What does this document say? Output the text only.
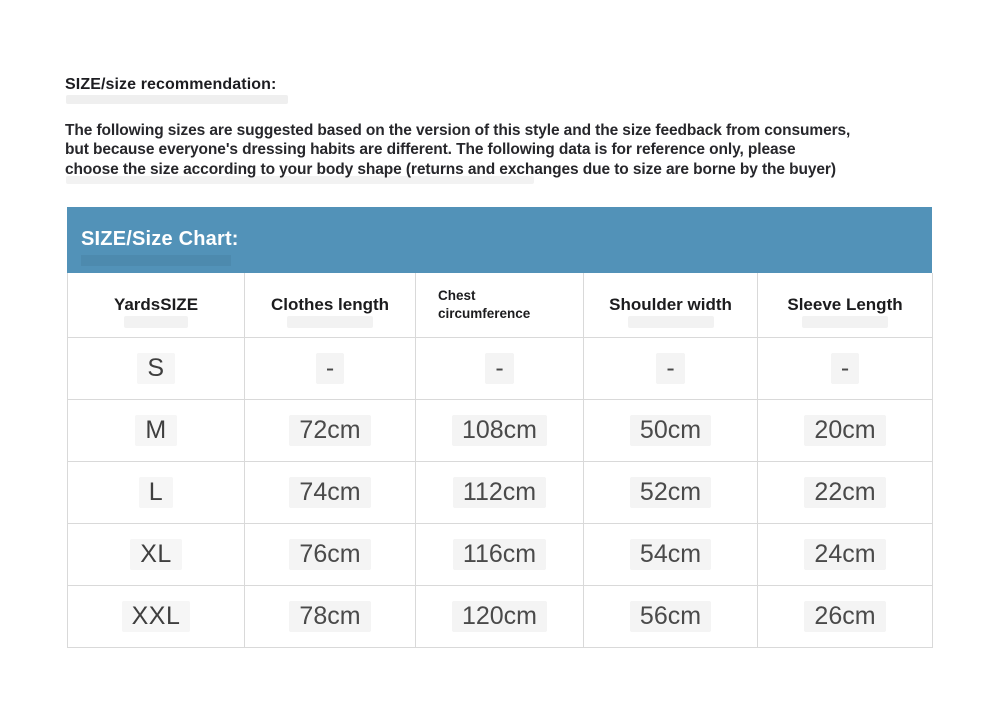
SIZE/size recommendation:
The following sizes are suggested based on the version of this style and the size feedback from consumers,
but because everyone's dressing habits are different. The following data is for reference only, please
choose the size according to your body shape (returns and exchanges due to size are borne by the buyer)
SIZE/Size Chart:
YardsSIZE	Clothes length	Chest circumference	Shoulder width	Sleeve Length

S	-	-	-	-
M	72cm	108cm	50cm	20cm
L	74cm	112cm	52cm	22cm
XL	76cm	116cm	54cm	24cm
XXL	78cm	120cm	56cm	26cm
